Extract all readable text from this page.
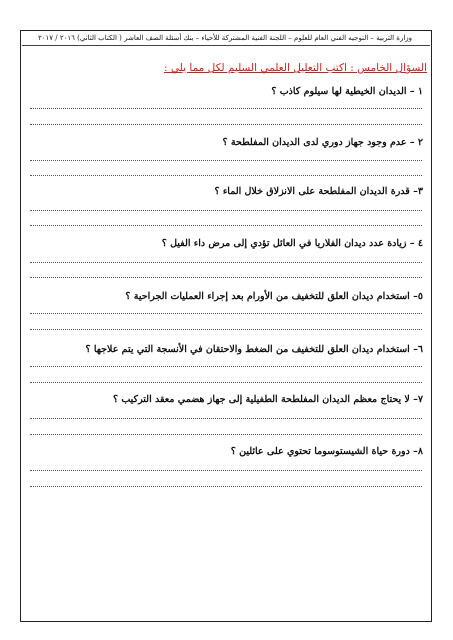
وزارة التربية – التوجيه الفني العام للعلوم – اللجنة الفنية المشتركة للأحياء – بنك أسئلة الصف العاشر ( الكتاب الثاني) ٢٠١٦ / ٢٠١٧
السؤال الخامس : اكتب التعليل العلمي السليم لكل مما يلي :
١ – الديدان الخيطية لها سيلوم كاذب ؟
٢ – عدم وجود جهاز دوري لدى الديدان المفلطحة ؟
٣– قدرة الديدان المفلطحة على الانزلاق خلال الماء ؟
٤ – زيادة عدد ديدان الفلاريا في العائل تؤدي إلى مرض داء الفيل ؟
٥– استخدام ديدان العلق للتخفيف من الأورام بعد إجراء العمليات الجراحية ؟
٦– استخدام ديدان العلق للتخفيف من الضغط والاحتقان في الأنسجة التي يتم علاجها ؟
٧– لا يحتاج معظم الديدان المفلطحة الطفيلية إلى جهاز هضمي معقد التركيب ؟
٨– دورة حياة الشيستوسوما تحتوي على عائلين ؟
